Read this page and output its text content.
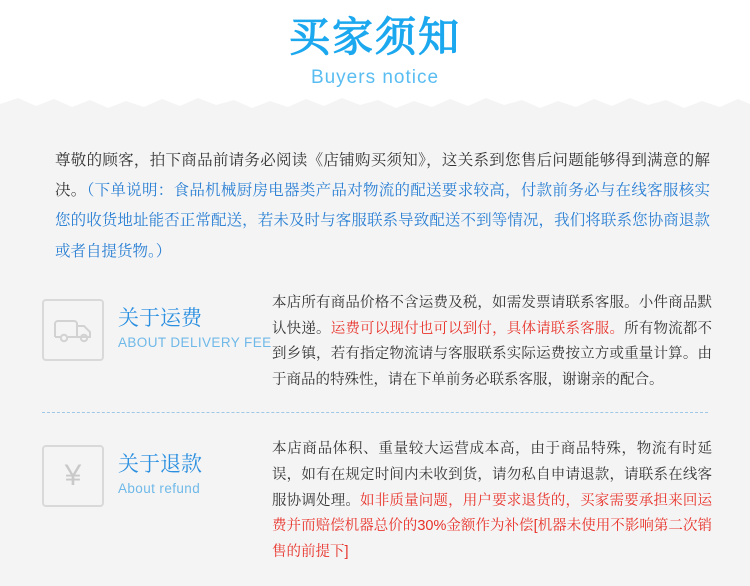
买家须知
Buyers notice
尊敬的顾客，拍下商品前请务必阅读《店铺购买须知》，这关系到您售后问题能够得到满意的解决。（下单说明：食品机械厨房电器类产品对物流的配送要求较高，付款前务必与在线客服核实您的收货地址能否正常配送，若未及时与客服联系导致配送不到等情况，我们将联系您协商退款或者自提货物。）
关于运费
ABOUT DELIVERY FEE
本店所有商品价格不含运费及税，如需发票请联系客服。小件商品默认快递。运费可以现付也可以到付，具体请联系客服。所有物流都不到乡镇，若有指定物流请与客服联系实际运费按立方或重量计算。由于商品的特殊性，请在下单前务必联系客服，谢谢亲的配合。
¥ 关于退款
About refund
本店商品体积、重量较大运营成本高，由于商品特殊，物流有时延误，如有在规定时间内未收到货，请勿私自申请退款，请联系在线客服协调处理。如非质量问题，用户要求退货的，买家需要承担来回运费并而赔偿机器总价的30%金额作为补偿[机器未使用不影响第二次销售的前提下]
